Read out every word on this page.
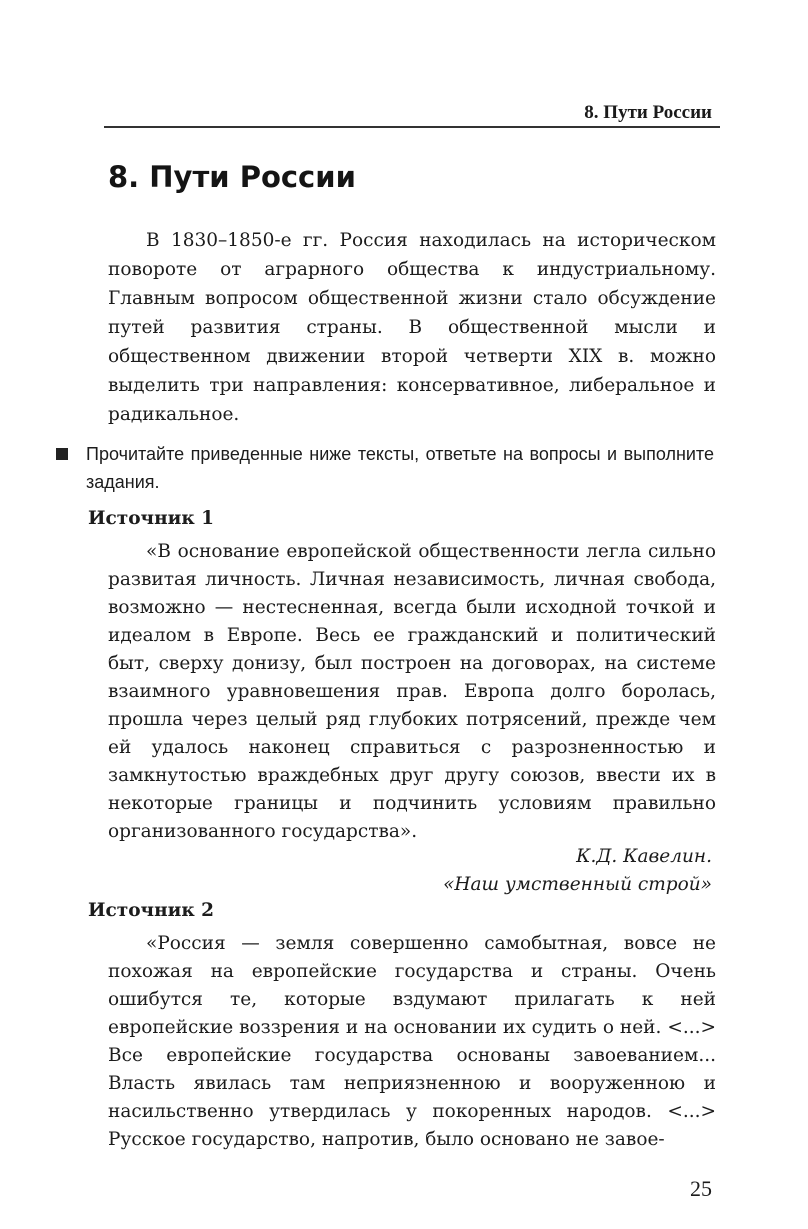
8. Пути России
8. Пути России

В 1830–1850-е гг. Россия находилась на историческом повороте от аграрного общества к индустриальному. Главным вопросом общественной жизни стало обсуждение путей развития страны. В общественной мысли и общественном движении второй четверти XIX в. можно выделить три направления: консервативное, либеральное и радикальное.

Прочитайте приведенные ниже тексты, ответьте на вопросы и выполните задания.

Источник 1

«В основание европейской общественности легла сильно развитая личность. Личная независимость, личная свобода, возможно — нестесненная, всегда были исходной точкой и идеалом в Европе. Весь ее гражданский и политический быт, сверху донизу, был построен на договорах, на системе взаимного уравновешения прав. Европа долго боролась, прошла через целый ряд глубоких потрясений, прежде чем ей удалось наконец справиться с разрозненностью и замкнутостью враждебных друг другу союзов, ввести их в некоторые границы и подчинить условиям правильно организованного государства».

К.Д. Кавелин.

«Наш умственный строй»

Источник 2

«Россия — земля совершенно самобытная, вовсе не похожая на европейские государства и страны. Очень ошибутся те, которые вздумают прилагать к ней европейские воззрения и на основании их судить о ней. <...> Все европейские государства основаны завоеванием... Власть явилась там неприязненною и вооруженною и насильственно утвердилась у покоренных народов. <...> Русское государство, напротив, было основано не завое-

25
